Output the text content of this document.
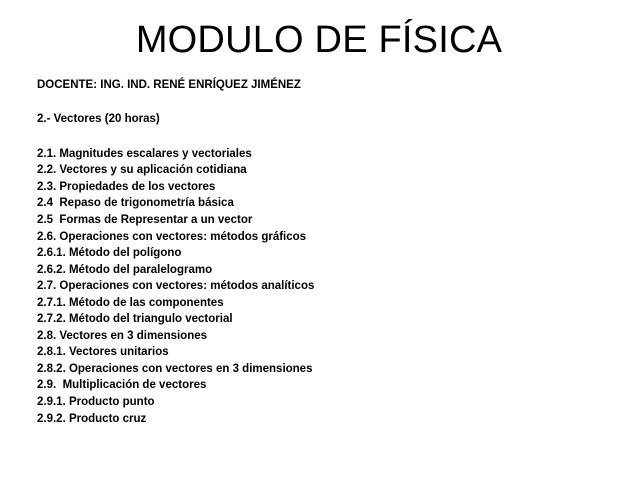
MODULO DE FÍSICA
DOCENTE: ING. IND. RENÉ ENRÍQUEZ JIMÉNEZ
2.- Vectores (20 horas)
2.1. Magnitudes escalares y vectoriales
2.2. Vectores y su aplicación cotidiana
2.3. Propiedades de los vectores
2.4  Repaso de trigonometría básica
2.5  Formas de Representar a un vector
2.6. Operaciones con vectores: métodos gráficos
2.6.1. Método del polígono
2.6.2. Método del paralelogramo
2.7. Operaciones con vectores: métodos analíticos
2.7.1. Método de las componentes
2.7.2. Método del triangulo vectorial
2.8. Vectores en 3 dimensiones
2.8.1. Vectores unitarios
2.8.2. Operaciones con vectores en 3 dimensiones
2.9.  Multiplicación de vectores
2.9.1. Producto punto
2.9.2. Producto cruz
